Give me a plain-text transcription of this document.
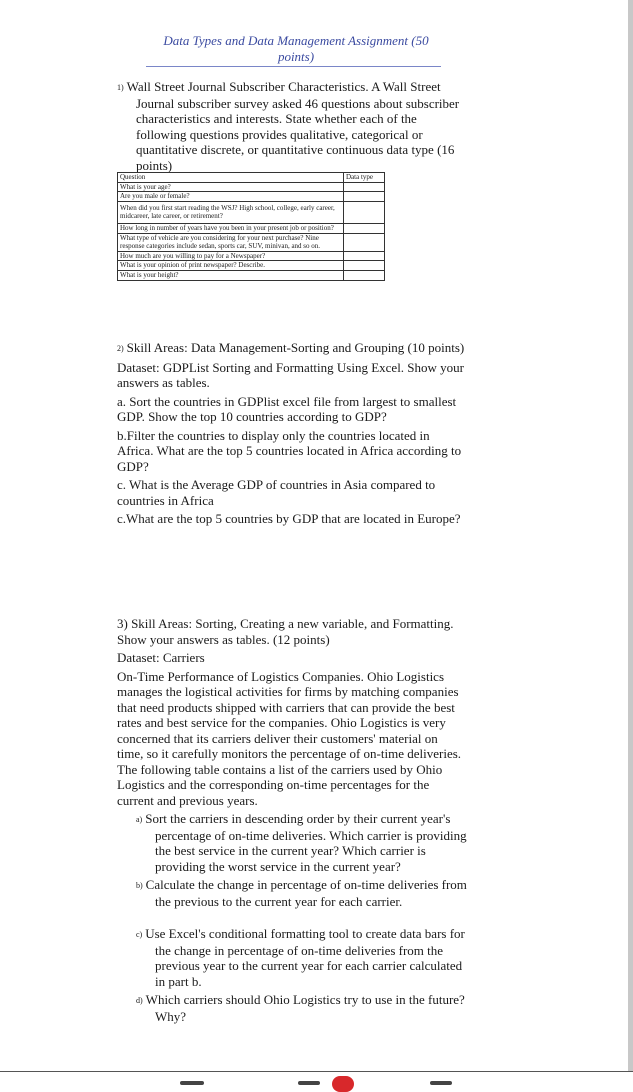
Data Types and Data Management Assignment (50 points)

1) Wall Street Journal Subscriber Characteristics. A Wall Street Journal subscriber survey asked 46 questions about subscriber characteristics and interests. State whether each of the following questions provides qualitative, categorical or quantitative discrete, or quantitative continuous data type (16 points)

Question	Data type
What is your age?	
Are you male or female?	
When did you first start reading the WSJ? High school, college, early career, midcareer, late career, or retirement?	
How long in number of years have you been in your present job or position?	
What type of vehicle are you considering for your next purchase? Nine response categories include sedan, sports car, SUV, minivan, and so on.	
How much are you willing to pay for a Newspaper?	
What is your opinion of print newspaper? Describe.	
What is your height?	

2) Skill Areas: Data Management-Sorting and Grouping (10 points)

Dataset: GDPList Sorting and Formatting Using Excel. Show your answers as tables.

a. Sort the countries in GDPlist excel file from largest to smallest GDP. Show the top 10 countries according to GDP?

b.Filter the countries to display only the countries located in Africa. What are the top 5 countries located in Africa according to GDP?

c. What is the Average GDP of countries in Asia compared to countries in Africa

c.What are the top 5 countries by GDP that are located in Europe?

3) Skill Areas: Sorting, Creating a new variable, and Formatting. Show your answers as tables. (12 points)

Dataset: Carriers

On-Time Performance of Logistics Companies. Ohio Logistics manages the logistical activities for firms by matching companies that need products shipped with carriers that can provide the best rates and best service for the companies. Ohio Logistics is very concerned that its carriers deliver their customers' material on time, so it carefully monitors the percentage of on-time deliveries. The following table contains a list of the carriers used by Ohio Logistics and the corresponding on-time percentages for the current and previous years.

a) Sort the carriers in descending order by their current year's percentage of on-time deliveries. Which carrier is providing the best service in the current year? Which carrier is providing the worst service in the current year?

b) Calculate the change in percentage of on-time deliveries from the previous to the current year for each carrier.

c) Use Excel's conditional formatting tool to create data bars for the change in percentage of on-time deliveries from the previous year to the current year for each carrier calculated in part b.

d) Which carriers should Ohio Logistics try to use in the future? Why?
